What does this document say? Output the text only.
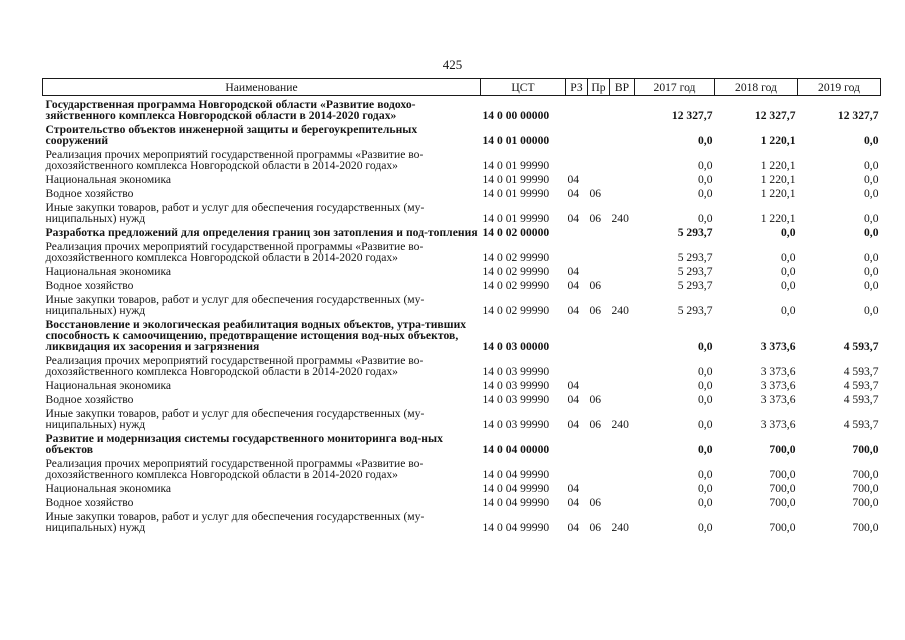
425
Наименование	ЦСТ	РЗ	Пр	ВР	2017 год	2018 год	2019 год
Государственная программа Новгородской области «Развитие водохо-зяйственного комплекса Новгородской области в 2014-2020 годах»	14 0 00 00000				12 327,7	12 327,7	12 327,7
Строительство объектов инженерной защиты и берегоукрепительных сооружений	14 0 01 00000				0,0	1 220,1	0,0
Реализация прочих мероприятий государственной программы «Развитие во-дохозяйственного комплекса Новгородской области в 2014-2020 годах»	14 0 01 99990				0,0	1 220,1	0,0
Национальная экономика	14 0 01 99990	04			0,0	1 220,1	0,0
Водное хозяйство	14 0 01 99990	04	06		0,0	1 220,1	0,0
Иные закупки товаров, работ и услуг для обеспечения государственных (му-ниципальных) нужд	14 0 01 99990	04	06	240	0,0	1 220,1	0,0
Разработка предложений для определения границ зон затопления и под-топления	14 0 02 00000				5 293,7	0,0	0,0
Реализация прочих мероприятий государственной программы «Развитие во-дохозяйственного комплекса Новгородской области в 2014-2020 годах»	14 0 02 99990				5 293,7	0,0	0,0
Национальная экономика	14 0 02 99990	04			5 293,7	0,0	0,0
Водное хозяйство	14 0 02 99990	04	06		5 293,7	0,0	0,0
Иные закупки товаров, работ и услуг для обеспечения государственных (му-ниципальных) нужд	14 0 02 99990	04	06	240	5 293,7	0,0	0,0
Восстановление и экологическая реабилитация водных объектов, утра-тивших способность к самоочищению, предотвращение истощения вод-ных объектов, ликвидация их засорения и загрязнения	14 0 03 00000				0,0	3 373,6	4 593,7
Реализация прочих мероприятий государственной программы «Развитие во-дохозяйственного комплекса Новгородской области в 2014-2020 годах»	14 0 03 99990				0,0	3 373,6	4 593,7
Национальная экономика	14 0 03 99990	04			0,0	3 373,6	4 593,7
Водное хозяйство	14 0 03 99990	04	06		0,0	3 373,6	4 593,7
Иные закупки товаров, работ и услуг для обеспечения государственных (му-ниципальных) нужд	14 0 03 99990	04	06	240	0,0	3 373,6	4 593,7
Развитие и модернизация системы государственного мониторинга вод-ных объектов	14 0 04 00000				0,0	700,0	700,0
Реализация прочих мероприятий государственной программы «Развитие во-дохозяйственного комплекса Новгородской области в 2014-2020 годах»	14 0 04 99990				0,0	700,0	700,0
Национальная экономика	14 0 04 99990	04			0,0	700,0	700,0
Водное хозяйство	14 0 04 99990	04	06		0,0	700,0	700,0
Иные закупки товаров, работ и услуг для обеспечения государственных (му-ниципальных) нужд	14 0 04 99990	04	06	240	0,0	700,0	700,0
